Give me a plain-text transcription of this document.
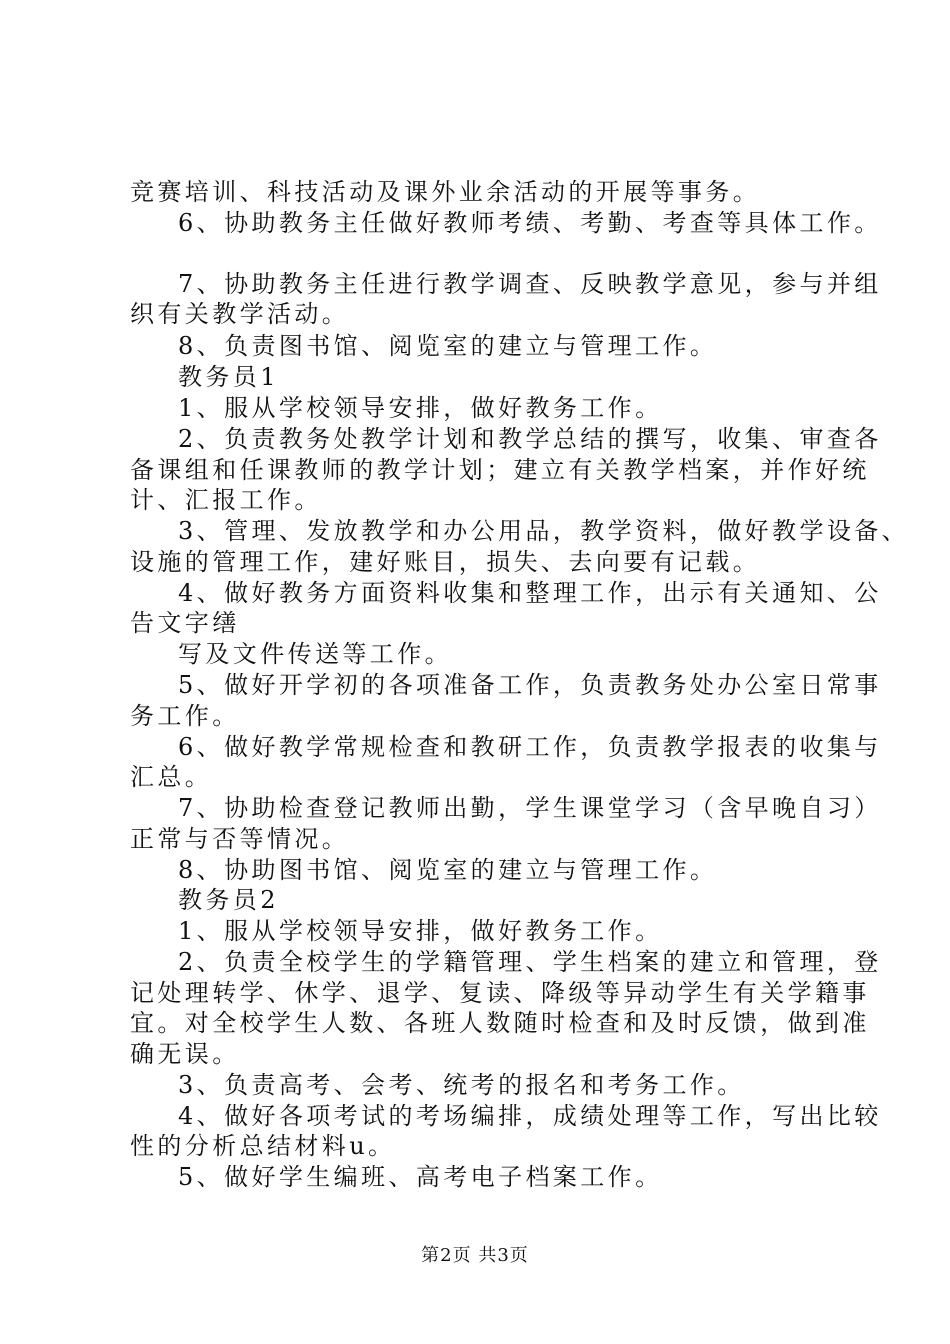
竞赛培训、科技活动及课外业余活动的开展等事务。
6、协助教务主任做好教师考绩、考勤、考查等具体工作。
7、协助教务主任进行教学调查、反映教学意见，参与并组
织有关教学活动。
8、负责图书馆、阅览室的建立与管理工作。
教务员1
1、服从学校领导安排，做好教务工作。
2、负责教务处教学计划和教学总结的撰写，收集、审查各
备课组和任课教师的教学计划；建立有关教学档案，并作好统
计、汇报工作。
3、管理、发放教学和办公用品，教学资料，做好教学设备、
设施的管理工作，建好账目，损失、去向要有记载。
4、做好教务方面资料收集和整理工作，出示有关通知、公
告文字缮
写及文件传送等工作。
5、做好开学初的各项准备工作，负责教务处办公室日常事
务工作。
6、做好教学常规检查和教研工作，负责教学报表的收集与
汇总。
7、协助检查登记教师出勤，学生课堂学习（含早晚自习）
正常与否等情况。
8、协助图书馆、阅览室的建立与管理工作。
教务员2
1、服从学校领导安排，做好教务工作。
2、负责全校学生的学籍管理、学生档案的建立和管理，登
记处理转学、休学、退学、复读、降级等异动学生有关学籍事
宜。对全校学生人数、各班人数随时检查和及时反馈，做到准
确无误。
3、负责高考、会考、统考的报名和考务工作。
4、做好各项考试的考场编排，成绩处理等工作，写出比较
性的分析总结材料u。
5、做好学生编班、高考电子档案工作。
第2页 共3页
